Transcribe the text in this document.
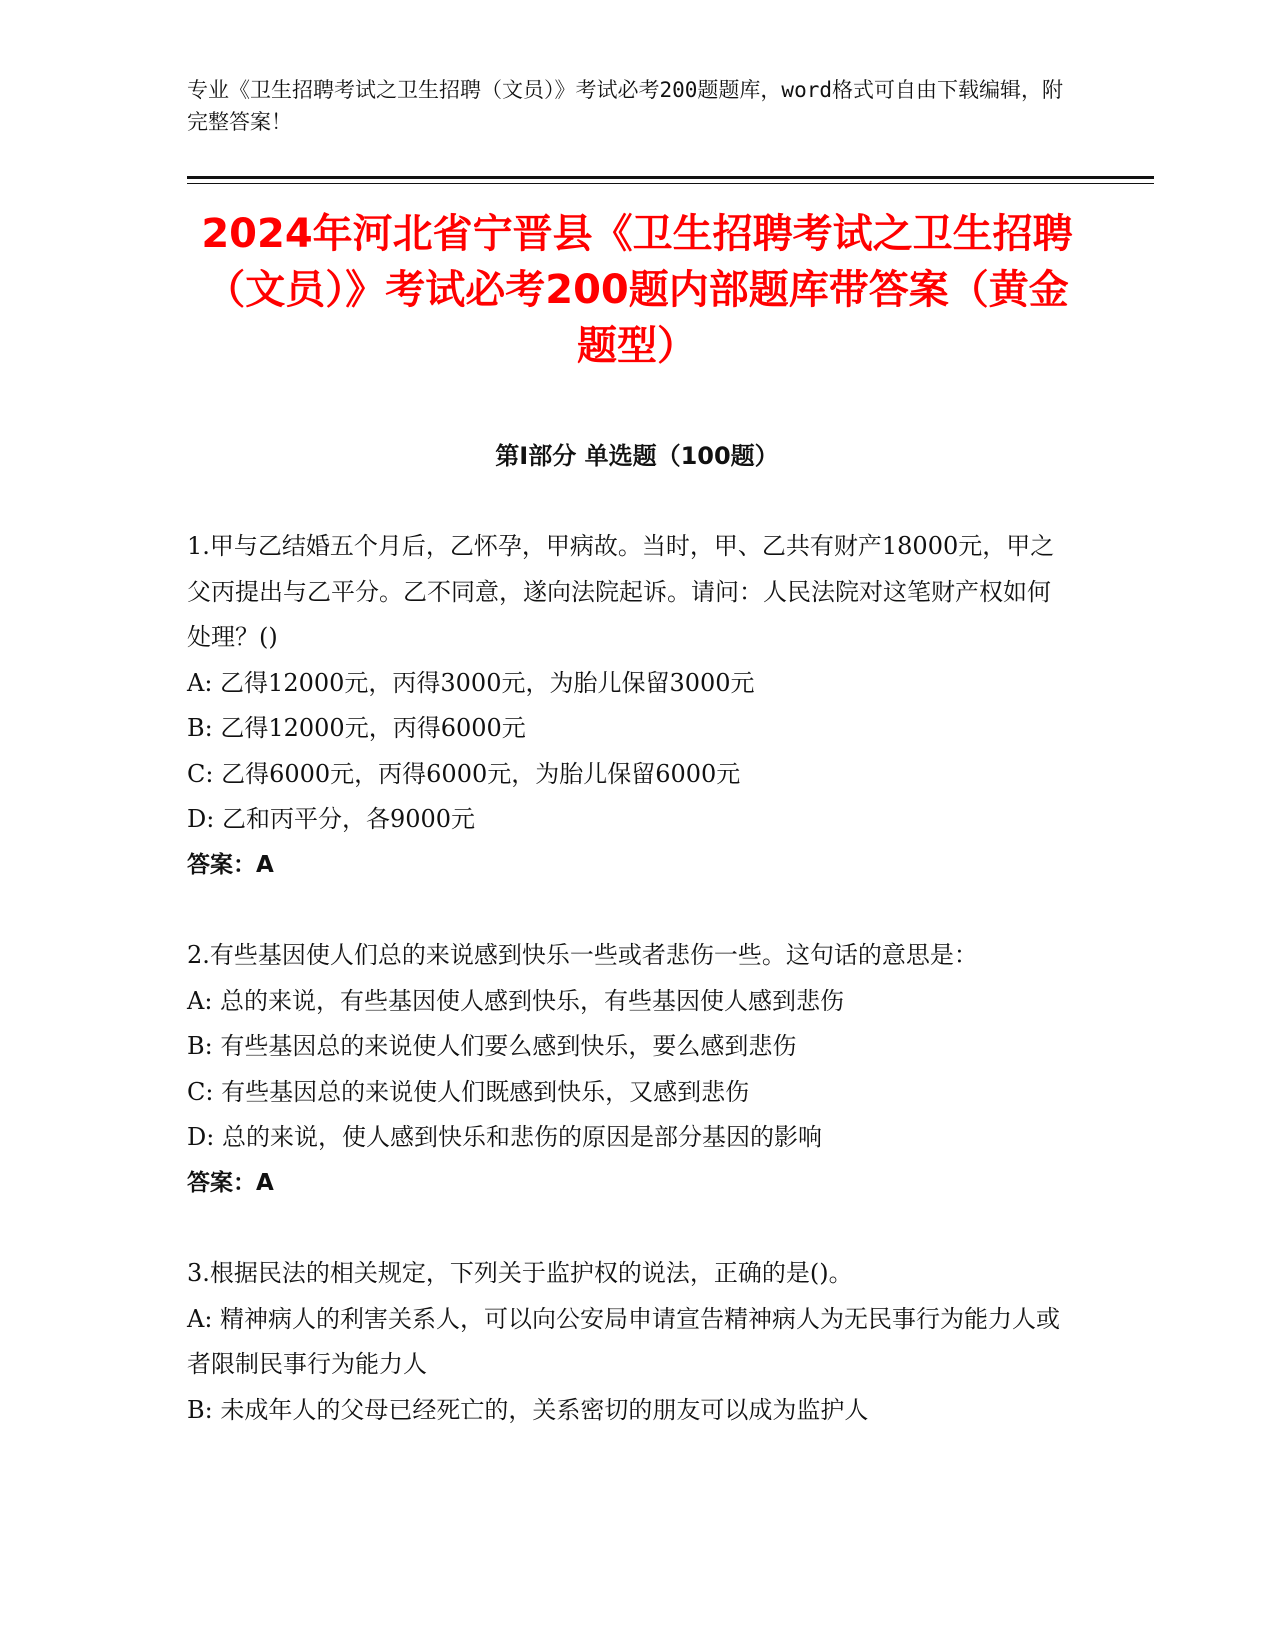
专业《卫生招聘考试之卫生招聘（文员）》考试必考200题题库，word格式可自由下载编辑，附完整答案！
2024年河北省宁晋县《卫生招聘考试之卫生招聘（文员）》考试必考200题内部题库带答案（黄金题型）
第I部分 单选题（100题）

1.甲与乙结婚五个月后，乙怀孕，甲病故。当时，甲、乙共有财产18000元，甲之父丙提出与乙平分。乙不同意，遂向法院起诉。请问：人民法院对这笔财产权如何处理？()

A: 乙得12000元，丙得3000元，为胎儿保留3000元

B: 乙得12000元，丙得6000元

C: 乙得6000元，丙得6000元，为胎儿保留6000元

D: 乙和丙平分，各9000元

答案：A

2.有些基因使人们总的来说感到快乐一些或者悲伤一些。这句话的意思是：

A: 总的来说，有些基因使人感到快乐，有些基因使人感到悲伤

B: 有些基因总的来说使人们要么感到快乐，要么感到悲伤

C: 有些基因总的来说使人们既感到快乐，又感到悲伤

D: 总的来说，使人感到快乐和悲伤的原因是部分基因的影响

答案：A

3.根据民法的相关规定，下列关于监护权的说法，正确的是()。

A: 精神病人的利害关系人，可以向公安局申请宣告精神病人为无民事行为能力人或者限制民事行为能力人

B: 未成年人的父母已经死亡的，关系密切的朋友可以成为监护人
